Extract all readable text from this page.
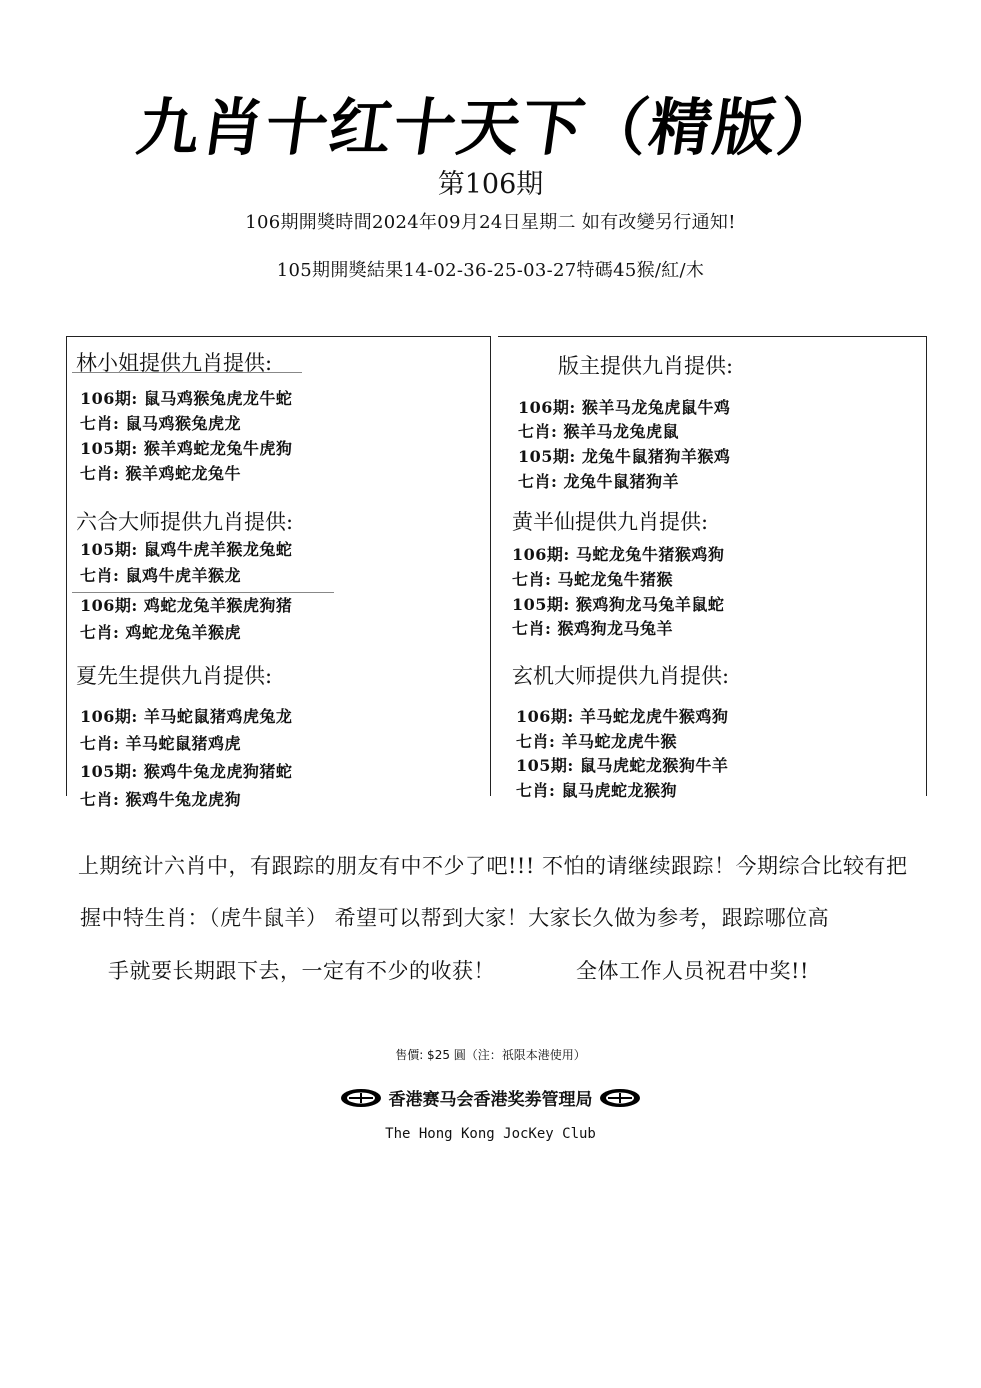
九肖十红十天下（精版）
第106期
106期開獎時間2024年09月24日星期二 如有改變另行通知!
105期開獎結果14-02-36-25-03-27特碼45猴/紅/木
林小姐提供九肖提供:
106期: 鼠马鸡猴兔虎龙牛蛇
七肖: 鼠马鸡猴兔虎龙
105期: 猴羊鸡蛇龙兔牛虎狗
七肖: 猴羊鸡蛇龙兔牛
六合大师提供九肖提供:
105期: 鼠鸡牛虎羊猴龙兔蛇
七肖: 鼠鸡牛虎羊猴龙
106期: 鸡蛇龙兔羊猴虎狗猪
七肖: 鸡蛇龙兔羊猴虎
夏先生提供九肖提供:
106期: 羊马蛇鼠猪鸡虎兔龙
七肖: 羊马蛇鼠猪鸡虎
105期: 猴鸡牛兔龙虎狗猪蛇
七肖: 猴鸡牛兔龙虎狗
版主提供九肖提供:
106期: 猴羊马龙兔虎鼠牛鸡
七肖: 猴羊马龙兔虎鼠
105期: 龙兔牛鼠猪狗羊猴鸡
七肖: 龙兔牛鼠猪狗羊
黄半仙提供九肖提供:
106期: 马蛇龙兔牛猪猴鸡狗
七肖: 马蛇龙兔牛猪猴
105期: 猴鸡狗龙马兔羊鼠蛇
七肖: 猴鸡狗龙马兔羊
玄机大师提供九肖提供:
106期: 羊马蛇龙虎牛猴鸡狗
七肖: 羊马蛇龙虎牛猴
105期: 鼠马虎蛇龙猴狗牛羊
七肖: 鼠马虎蛇龙猴狗
上期统计六肖中，有跟踪的朋友有中不少了吧!!! 不怕的请继续跟踪！今期综合比较有把
握中特生肖：（虎牛鼠羊） 希望可以帮到大家！大家长久做为参考，跟踪哪位高
手就要长期跟下去，一定有不少的收获！	全体工作人员祝君中奖!!
售價: $25 圓（注：祇限本港使用）
香港赛马会香港奖劵管理局
The Hong Kong JocKey Club
